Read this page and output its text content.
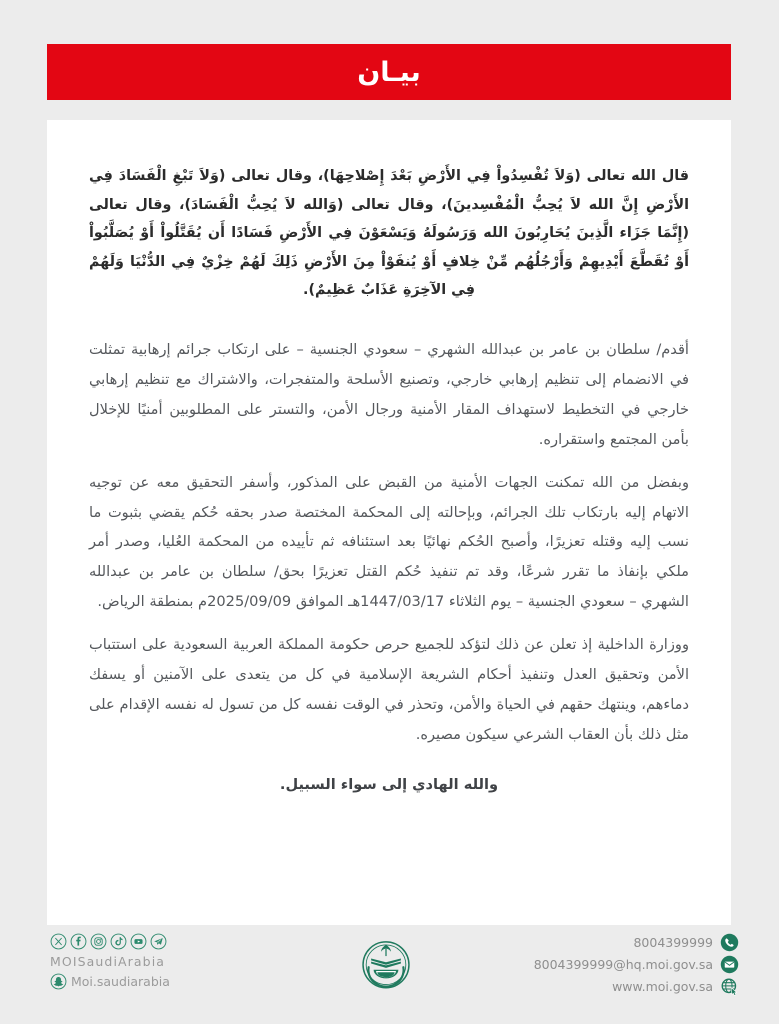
بيـان
قال الله تعالى (وَلاَ تُفْسِدُواْ فِي الأَرْضِ بَعْدَ إِصْلاحِهَا)، وقال تعالى (وَلاَ تَبْغِ الْفَسَادَ فِي الأَرْضِ إِنَّ الله لاَ يُحِبُّ الْمُفْسِدينَ)، وقال تعالى (وَالله لاَ يُحِبُّ الْفَسَادَ)، وقال تعالى (إِنَّمَا جَزَاء الَّذِينَ يُحَارِبُونَ الله وَرَسُولَهُ وَيَسْعَوْنَ فِي الأَرْضِ فَسَادًا أَن يُقَتَّلُواْ أَوْ يُصَلَّبُواْ أَوْ تُقَطَّعَ أَيْدِيهِمْ وَأَرْجُلُهُم مِّنْ خِلافٍ أَوْ يُنفَوْاْ مِنَ الأَرْضِ ذَلِكَ لَهُمْ خِزْيٌ فِي الدُّنْيَا وَلَهُمْ فِي الآخِرَةِ عَذَابٌ عَظِيمٌ).
أقدم/ سلطان بن عامر بن عبدالله الشهري – سعودي الجنسية – على ارتكاب جرائم إرهابية تمثلت في الانضمام إلى تنظيم إرهابي خارجي، وتصنيع الأسلحة والمتفجرات، والاشتراك مع تنظيم إرهابي خارجي في التخطيط لاستهداف المقار الأمنية ورجال الأمن، والتستر على المطلوبين أمنيًا للإخلال بأمن المجتمع واستقراره.
وبفضل من الله تمكنت الجهات الأمنية من القبض على المذكور، وأسفر التحقيق معه عن توجيه الاتهام إليه بارتكاب تلك الجرائم، وبإحالته إلى المحكمة المختصة صدر بحقه حُكم يقضي بثبوت ما نسب إليه وقتله تعزيرًا، وأصبح الحُكم نهائيًا بعد استئنافه ثم تأييده من المحكمة العُليا، وصدر أمر ملكي بإنفاذ ما تقرر شرعًا، وقد تم تنفيذ حُكم القتل تعزيرًا بحق/ سلطان بن عامر بن عبدالله الشهري – سعودي الجنسية – يوم الثلاثاء 1447/03/17هـ الموافق 2025/09/09م بمنطقة الرياض.
ووزارة الداخلية إذ تعلن عن ذلك لتؤكد للجميع حرص حكومة المملكة العربية السعودية على استتباب الأمن وتحقيق العدل وتنفيذ أحكام الشريعة الإسلامية في كل من يتعدى على الآمنين أو يسفك دماءهم، وينتهك حقهم في الحياة والأمن، وتحذر في الوقت نفسه كل من تسول له نفسه الإقدام على مثل ذلك بأن العقاب الشرعي سيكون مصيره.
والله الهادي إلى سواء السبيل.
MOISaudiArabia
Moi.saudiarabia
8004399999
8004399999@hq.moi.gov.sa
www.moi.gov.sa
